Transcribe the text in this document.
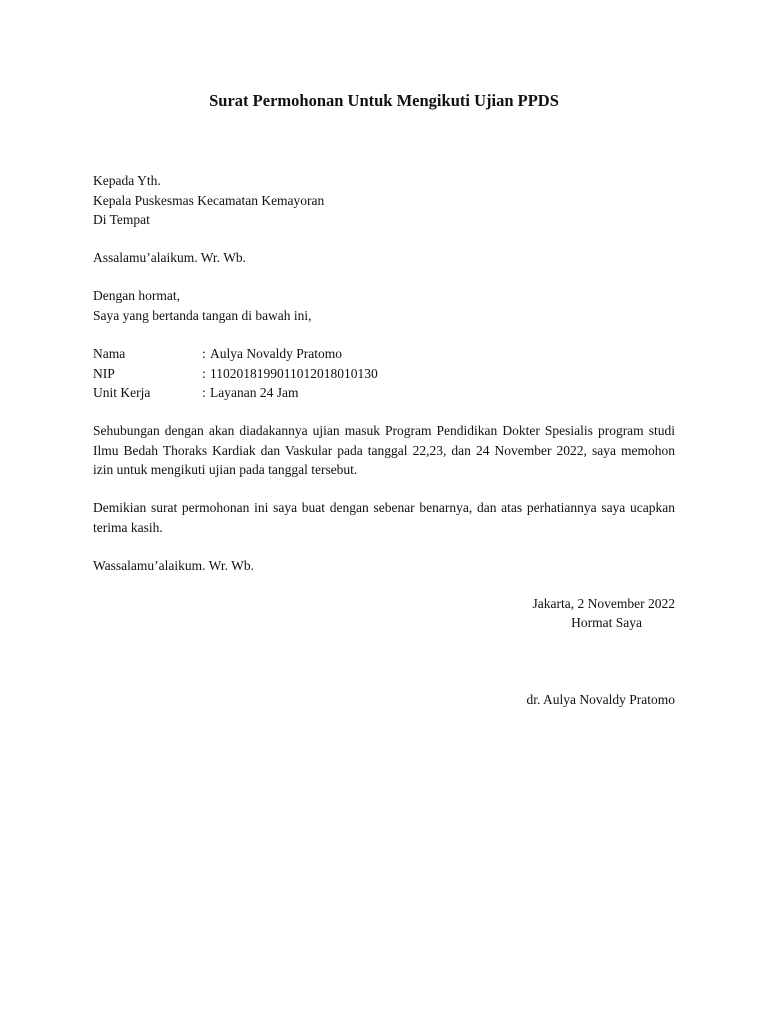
Surat Permohonan Untuk Mengikuti Ujian PPDS
Kepada Yth.
Kepala Puskesmas Kecamatan Kemayoran
Di Tempat
Assalamu’alaikum. Wr. Wb.
Dengan hormat,
Saya yang bertanda tangan di bawah ini,
Nama	: Aulya Novaldy Pratomo
NIP	: 1102018199011012018010130
Unit Kerja	: Layanan 24 Jam
Sehubungan dengan akan diadakannya ujian masuk Program Pendidikan Dokter Spesialis program studi Ilmu Bedah Thoraks Kardiak dan Vaskular pada tanggal 22,23, dan 24 November 2022, saya memohon izin untuk mengikuti ujian pada tanggal tersebut.
Demikian surat permohonan ini saya buat dengan sebenar benarnya, dan atas perhatiannya saya ucapkan terima kasih.
Wassalamu’alaikum. Wr. Wb.
Jakarta, 2 November 2022
Hormat Saya
dr. Aulya Novaldy Pratomo
